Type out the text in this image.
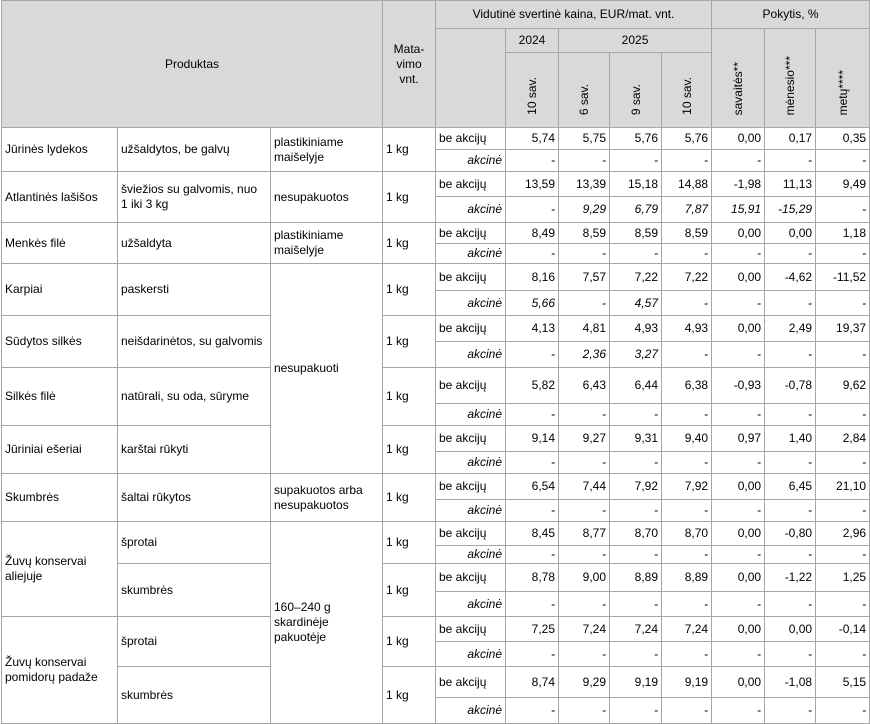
Produktas			Mata-vimo vnt.	Vidutinė svertinė kaina, EUR/mat. vnt.					Pokytis, %		
					2024	2025			savaitės**	mėnesio***	metų****
					10 sav.	6 sav.	9 sav.	10 sav.			
Jūrinės lydekos	užšaldytos, be galvų	plastikiniame maišelyje	1 kg	be akcijų	5,74	5,75	5,76	5,76	0,00	0,17	0,35
				akcinė	-	-	-	-	-	-	-
Atlantinės lašišos	šviežios su galvomis, nuo 1 iki 3 kg	nesupakuotos	1 kg	be akcijų	13,59	13,39	15,18	14,88	-1,98	11,13	9,49
				akcinė	-	9,29	6,79	7,87	15,91	-15,29	-
Menkės filė	užšaldyta	plastikiniame maišelyje	1 kg	be akcijų	8,49	8,59	8,59	8,59	0,00	0,00	1,18
				akcinė	-	-	-	-	-	-	-
Karpiai	paskersti	nesupakuoti	1 kg	be akcijų	8,16	7,57	7,22	7,22	0,00	-4,62	-11,52
				akcinė	5,66	-	4,57	-	-	-	-
Sūdytos silkės	neišdarinėtos, su galvomis		1 kg	be akcijų	4,13	4,81	4,93	4,93	0,00	2,49	19,37
				akcinė	-	2,36	3,27	-	-	-	-
Silkės filė	natūrali, su oda, sūryme		1 kg	be akcijų	5,82	6,43	6,44	6,38	-0,93	-0,78	9,62
				akcinė	-	-	-	-	-	-	-
Jūriniai ešeriai	karštai rūkyti		1 kg	be akcijų	9,14	9,27	9,31	9,40	0,97	1,40	2,84
				akcinė	-	-	-	-	-	-	-
Skumbrės	šaltai rūkytos	supakuotos arba nesupakuotos	1 kg	be akcijų	6,54	7,44	7,92	7,92	0,00	6,45	21,10
				akcinė	-	-	-	-	-	-	-
Žuvų konservai aliejuje	šprotai	160–240 g skardinėje pakuotėje	1 kg	be akcijų	8,45	8,77	8,70	8,70	0,00	-0,80	2,96
				akcinė	-	-	-	-	-	-	-
	skumbrės		1 kg	be akcijų	8,78	9,00	8,89	8,89	0,00	-1,22	1,25
				akcinė	-	-	-	-	-	-	-
Žuvų konservai pomidorų padaže	šprotai		1 kg	be akcijų	7,25	7,24	7,24	7,24	0,00	0,00	-0,14
				akcinė	-	-	-	-	-	-	-
	skumbrės		1 kg	be akcijų	8,74	9,29	9,19	9,19	0,00	-1,08	5,15
				akcinė	-	-	-	-	-	-	-
